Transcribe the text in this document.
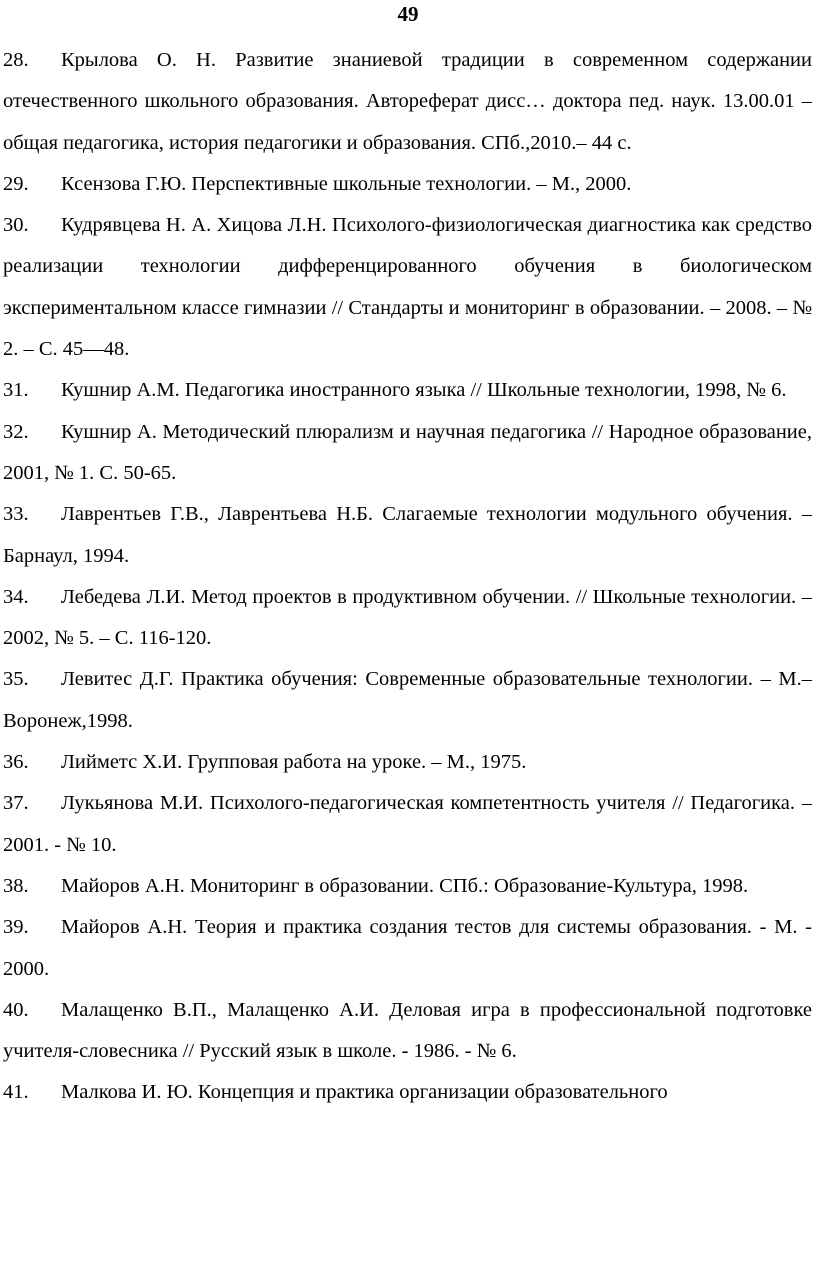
49
28. Крылова О. Н. Развитие знаниевой традиции в современном содержании отечественного школьного образования. Автореферат дисс… доктора пед. наук. 13.00.01 – общая педагогика, история педагогики и образования. СПб.,2010.– 44 с.
29. Ксензова Г.Ю. Перспективные школьные технологии. – М., 2000.
30. Кудрявцева Н. А. Хицова Л.Н. Психолого-физиологическая диагностика как средство реализации технологии дифференцированного обучения в биологическом экспериментальном классе гимназии // Стандарты и мониторинг в образовании. – 2008. – № 2. – С. 45—48.
31. Кушнир А.М. Педагогика иностранного языка // Школьные технологии, 1998, № 6.
32. Кушнир А. Методический плюрализм и научная педагогика // Народное образование, 2001, № 1. С. 50-65.
33. Лаврентьев Г.В., Лаврентьева Н.Б. Слагаемые технологии модульного обучения. – Барнаул, 1994.
34. Лебедева Л.И. Метод проектов в продуктивном обучении. // Школьные технологии. – 2002, № 5. – С. 116-120.
35. Левитес Д.Г. Практика обучения: Современные образовательные технологии. – М.– Воронеж,1998.
36. Лийметс Х.И. Групповая работа на уроке. – М., 1975.
37. Лукьянова М.И. Психолого-педагогическая компетентность учителя // Педагогика. – 2001. - № 10.
38. Майоров А.Н. Мониторинг в образовании. СПб.: Образование-Культура, 1998.
39. Майоров А.Н. Теория и практика создания тестов для системы образования. - М. - 2000.
40. Малащенко В.П., Малащенко А.И. Деловая игра в профессиональной подготовке учителя-словесника // Русский язык в школе. - 1986. - № 6.
41. Малкова И. Ю. Концепция и практика организации образовательного
